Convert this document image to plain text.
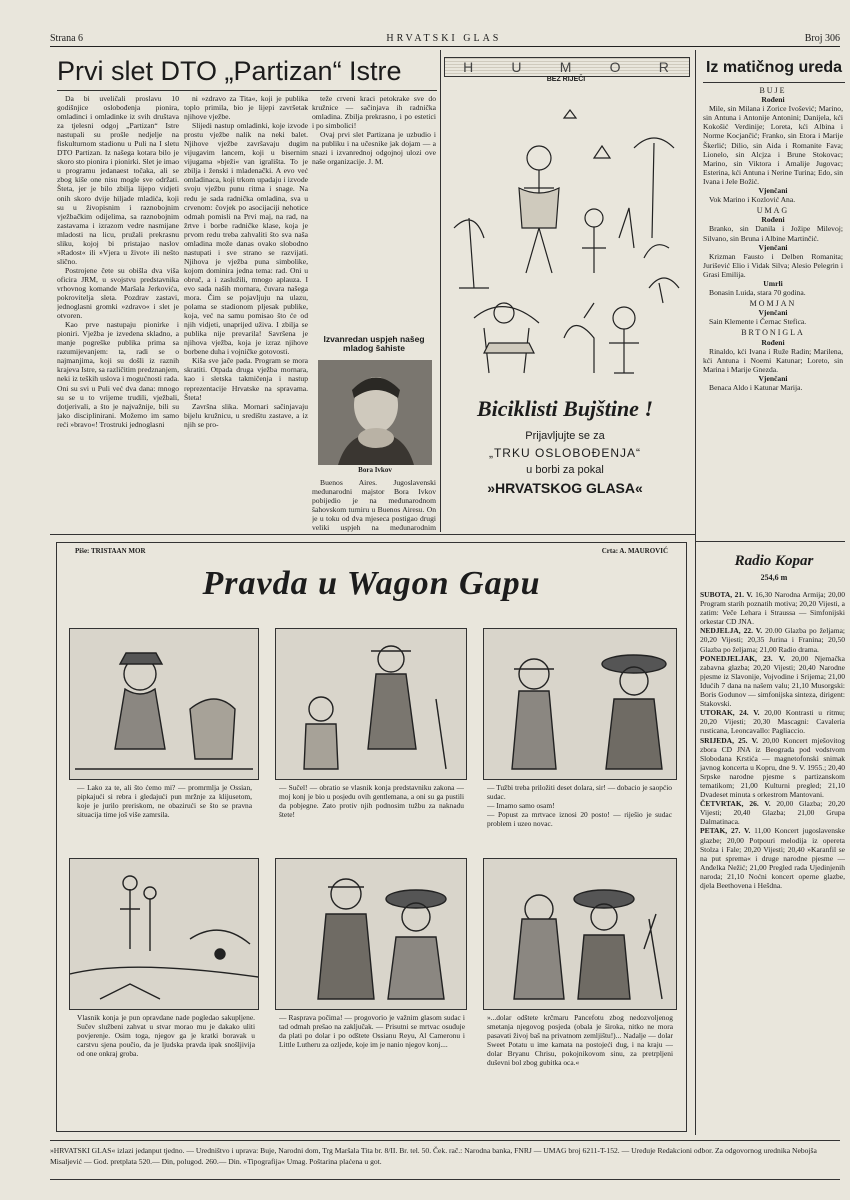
Strana 6	HRVATSKI GLAS	Broj 306
Prvi slet DTO „Partizan“ Istre

Da bi uveličali proslavu 10 godišnjice oslobođenja pionira, omladinci i omladinke iz svih društava za tjelesni odgoj „Partizan“ Istre nastupali su prošle nedjelje na fiskulturnom stadionu u Puli na I sletu DTO Partizan. Iz našega kotara bilo je skoro sto pionira i pionirki. Slet je imao u programu jedanaest točaka, ali se zbog kiše one nisu mogle sve održati. Šteta, jer je bilo zbilja lijepo vidjeti onih skoro dvije hiljade mladića, koji su u živopisnim i raznobojnim vježbačkim odijelima, sa raznobojnim zastavama i izrazom vedre nasmijane mladosti na licu, pružali prekrasnu sliku, kojoj bi pristajao naslov »Radost« ili »Vjera u život« ili nešto slično.

Postrojene čete su obišla dva viša oficira JRM, u svojstvu predstavnika vrhovnog komande Maršala Jerkovića, pokrovitelja sleta. Pozdrav zastavi, jednoglasni gromki »zdravo« i slet je otvoren.

Kao prve nastupaju pionirke i pioniri. Vježba je izvedena skladno, a manje pogreške publika prima sa razumijevanjem: ta, radi se o najmanjima, koji su došli iz raznih krajeva Istre, sa različitim predznanjem, neki iz teških uslova i mogućnosti rada. Oni su svi u Puli već dva dana: mnogo su se u to vrijeme trudili, vježbali, dotjerivali, a što je najvažnije, bili su jako disciplinirani. Možemo im samo reći »bravo«! Trostruki jednoglasni

ni »zdravo za Tita«, koji je publika toplo primila, bio je lijepi završetak njihove vježbe.

Slijedi nastup omladinki, koje izvode prostu vježbe nalik na neki balet. Njihove vježbe završavaju dugim vijugavim lancem, koji u bisernim vijugama »bježi« van igrališta. To je zbilja i ženski i mladenački. A evo već omladinaca, koji trkom upadaju i izvode svoju vježbu punu ritma i snage. Na redu je sada radnička omladina, sva u crvenom: čovjek po asocijaciji nehotice odmah pomisli na Prvi maj, na rad, na žrtve i borbe radničke klase, koja je prvom redu treba zahvaliti što sva naša omladina može danas ovako slobodno nastupati i sve strano se razvijati. Njihova je vježba puna simbolike, kojom dominira jedna tema: rad. Oni u obruč, a i zaslužili, mnogo aplauza. I evo sada naših mornara, čuvara našega mora. Čim se pojavljuju na ulazu, polama se stadionom pljesak publike, koja, već na samu pomisao što će od njih vidjeti, unaprijed uživa. I zbilja se publika nije prevarila! Savršena je njihova vježba, koja je izraz njihove borbene duha i vojničke gotovosti.

Kiša sve jače pada. Program se mora skratiti. Otpada druga vježba mornara, kao i sletska takmičenja i nastup reprezentacije Hrvatske na spravama. Šteta!

Završna slika. Mornari sačinjavaju bijelu kružnicu, u središtu zastave, a iz njih se pro-

teže crveni kraci petokrake sve do kružnice — sačinjava ih radnička omladina. Zbilja prekrasno, i po estetici i po simbolici!

Ovaj prvi slet Partizana je uzbudio i na publiku i na učesnike jak dojam — a snazi i izvanrednoj odgojnoj ulozi ove naše organizacije. J. M.

Izvanredan uspjeh našeg mladog šahiste
Bora Ivkov

Buenos Aires. Jugoslavenski međunarodni majstor Bora Ivkov pobijedio je na međunarodnom šahovskom turniru u Buenos Airesu. On je u toku od dva mjeseca postigao drugi veliki uspjeh na međunarodnim

H	U	M	O	R
BEZ RIJEČI
Biciklisti Bujštine !
Prijavljujte se za
„TRKU OSLOBOĐENJA“
u borbi za pokal
»HRVATSKOG GLASA«
Iz matičnog ureda
BUJE
Rođeni

Mile, sin Milana i Zorice Ivošević; Marino, sin Antuna i Antonije Antonini; Danijela, kći Kokošić Verdinije; Loreta, kći Albina i Norme Kocjančić; Franko, sin Etora i Marije Škerlić; Dilio, sin Aida i Romanite Fava; Lionelo, sin Alcjza i Brune Stokovac; Marino, sin Viktora i Amalije Jugovac; Esterina, kći Antuna i Nerine Turina; Edo, sin Ivana i Jele Božić.

Vjenčani

Vok Marino i Kozlović Ana.

UMAG
Rođeni

Branko, sin Danila i Jožipe Milevoj; Silvano, sin Bruna i Albine Martinčić.

Vjenčani

Krizman Fausto i Delben Romanita; Jurišević Elio i Vidak Silva; Alesio Pelegrin i Grasi Emilija.

Umrli

Bonasin Luida, stara 70 godina.

MOMJAN
Vjenčani

Sain Klemente i Černac Stefica.

BRTONIGLA
Rođeni

Rinaldo, kći Ivana i Ruže Radin; Marilena, kći Antuna i Noemi Katunar; Loreto, sin Marina i Marije Gnezda.

Vjenčani

Benaca Aldo i Katunar Marija.

Radio Kopar
254,6 m

SUBOTA, 21. V. 16,30 Narodna Armija; 20,00 Program starih poznatih motiva; 20,20 Vijesti, a zatim: Veče Lehara i Straussa — Simfonijski orkestar CD JNA.

NEDJELJA, 22. V. 20.00 Glazba po željama; 20,20 Vijesti; 20,35 Jurina i Franina; 20,50 Glazba po željama; 21,00 Radio drama.

PONEDJELJAK, 23. V. 20,00 Njemačka zabavna glazba; 20,20 Vijesti; 20,40 Narodne pjesme iz Slavonije, Vojvodine i Srijema; 21,00 Idućih 7 dana na našem valu; 21,10 Musorgski: Boris Godunov — simfonijska sinteza, dirigent: Stakovski.

UTORAK, 24. V. 20,00 Kontrasti u ritmu; 20,20 Vijesti; 20,30 Mascagni: Cavaleria rusticana, Leoncavallo: Pagliaccio.

SRIJEDA, 25. V. 20,00 Koncert mješovitog zbora CD JNA iz Beograda pod vodstvom Slobodana Krstića — magnetofonski snimak javnog koncerta u Kopru, dne 9. V. 1955.; 20,40 Srpske narodne pjesme s partizanskom tematikom; 21,00 Kulturni pregled; 21,10 Dvadeset minuta s orkestrom Mantovani.

ČETVRTAK, 26. V. 20,00 Glazba; 20,20 Vijesti; 20,40 Glazba; 21,00 Grupa Dalmatinaca.

PETAK, 27. V. 11,00 Koncert jugoslavenske glazbe; 20,00 Potpouri melodija iz opereta Stolza i Fale; 20,20 Vijesti; 20,40 »Karanfil se na put sprema« i druge narodne pjesme — Anđelka Nežić; 21,00 Pregled rada Ujedinjenih naroda; 21,10 Noćni koncert operne glazbe, djela Beethovena i Hešdna.

Piše: TRISTAAN MOR	Crta: A. MAUROVIĆ
Pravda u Wagon Gapu

— Lako za te, ali što ćemo mi? — promrmlja je Ossian, pipkajući si rebra i gledajući pun mržnje za klijusetom, koje je jurilo preriskom, ne obazirući se što se pravna situacija time još više zamrsila.

— Sučel! — obratio se vlasnik konja predstavniku zakona — moj konj je bio u posjedu ovih gentlemana, a oni su ga pustili da pobjegne. Zato protiv njih podnosim tužbu za naknadu štete!

— Tužbi treba priložiti deset dolara, sir! — dobacio je saopćio sudac.
— Imamo samo osam!
— Popust za mrtvace iznosi 20 posto! — riješio je sudac problem i uzeo novac.

Vlasnik konja je pun opravdane nade pogledao sakupljene. Sučev službeni zahvat u stvar morao mu je dakako uliti povjerenje. Osim toga, njegov ga je kratki boravak u carstvu sjena poučio, da je ljudska pravda ipak snošljivija od one onkraj groba.

— Rasprava počima! — progovorio je važnim glasom sudac i tad odmah prešao na zaključak. — Prisutni se mrtvac osuđuje da plati po dolar i po odštete Ossianu Reyu, Al Cameronu i Little Lutheru za ozljede, koje im je nanio njegov konj....

»...dolar odštete krčmaru Pancefotu zbog nedozvoljenog smetanja njegovog posjeda (obala je široka, nitko ne mora pasavati živoj baš na privatnom zemljištu!)... Nadalje — dolar Sweet Potatu u ime kamata na postojeći dug, i na kraju — dolar Bryanu Chrisu, pokojnikovom sinu, za pretrpljeni duševni bol zbog gubitka oca.«

»HRVATSKI GLAS« izlazi jedanput tjedno. — Uredništvo i uprava: Buje, Narodni dom, Trg Maršala Tita br. 8/II. Br. tel. 50. Ček. rač.: Narodna banka, FNRJ — UMAG broj 6211-T-152. — Uređuje Redakcioni odbor. Za odgovornog urednika Nebojša Misaljević — God. pretplata 520.— Din, polugod. 260.— Din. »Tipografija« Umag. Poštarina plaćena u got.
